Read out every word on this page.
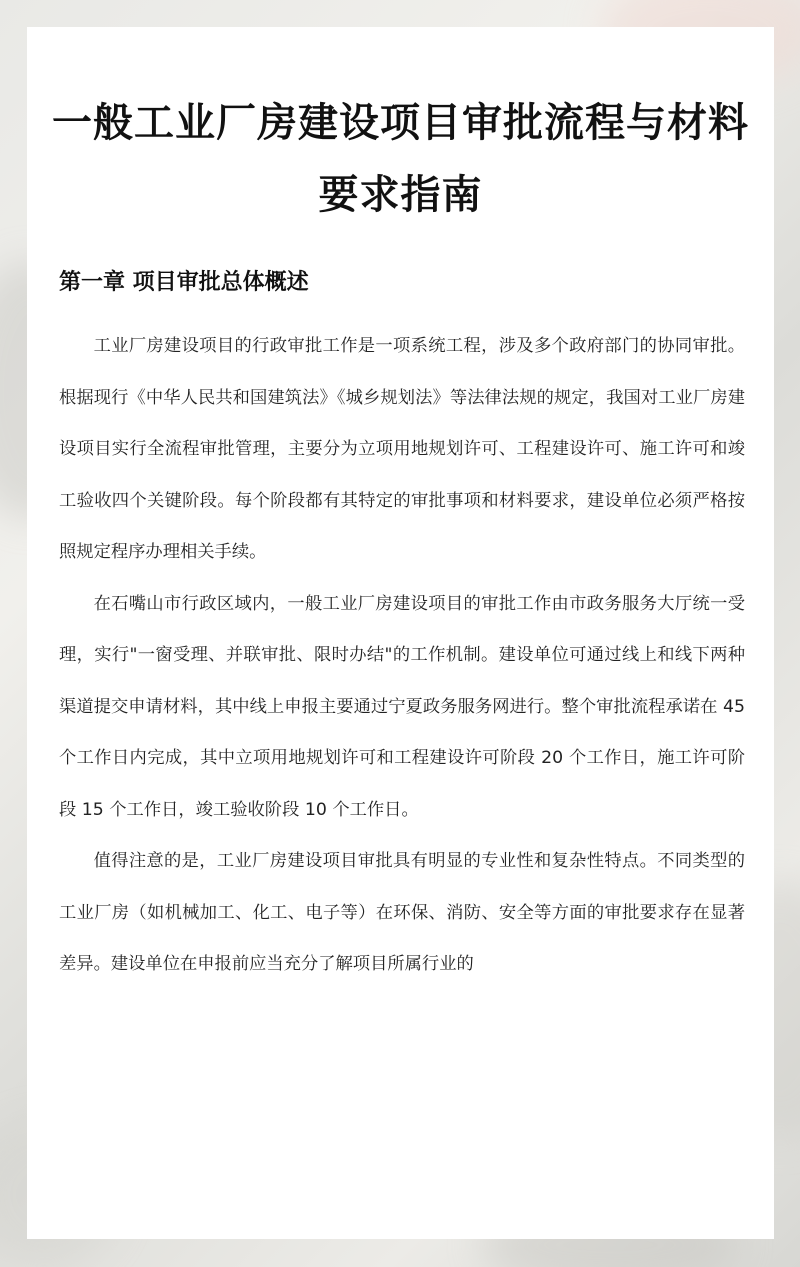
一般工业厂房建设项目审批流程与材料要求指南
第一章 项目审批总体概述

工业厂房建设项目的行政审批工作是一项系统工程，涉及多个政府部门的协同审批。根据现行《中华人民共和国建筑法》《城乡规划法》等法律法规的规定，我国对工业厂房建设项目实行全流程审批管理，主要分为立项用地规划许可、工程建设许可、施工许可和竣工验收四个关键阶段。每个阶段都有其特定的审批事项和材料要求，建设单位必须严格按照规定程序办理相关手续。

在石嘴山市行政区域内，一般工业厂房建设项目的审批工作由市政务服务大厅统一受理，实行"一窗受理、并联审批、限时办结"的工作机制。建设单位可通过线上和线下两种渠道提交申请材料，其中线上申报主要通过宁夏政务服务网进行。整个审批流程承诺在 45 个工作日内完成，其中立项用地规划许可和工程建设许可阶段 20 个工作日，施工许可阶段 15 个工作日，竣工验收阶段 10 个工作日。

值得注意的是，工业厂房建设项目审批具有明显的专业性和复杂性特点。不同类型的工业厂房（如机械加工、化工、电子等）在环保、消防、安全等方面的审批要求存在显著差异。建设单位在申报前应当充分了解项目所属行业的
